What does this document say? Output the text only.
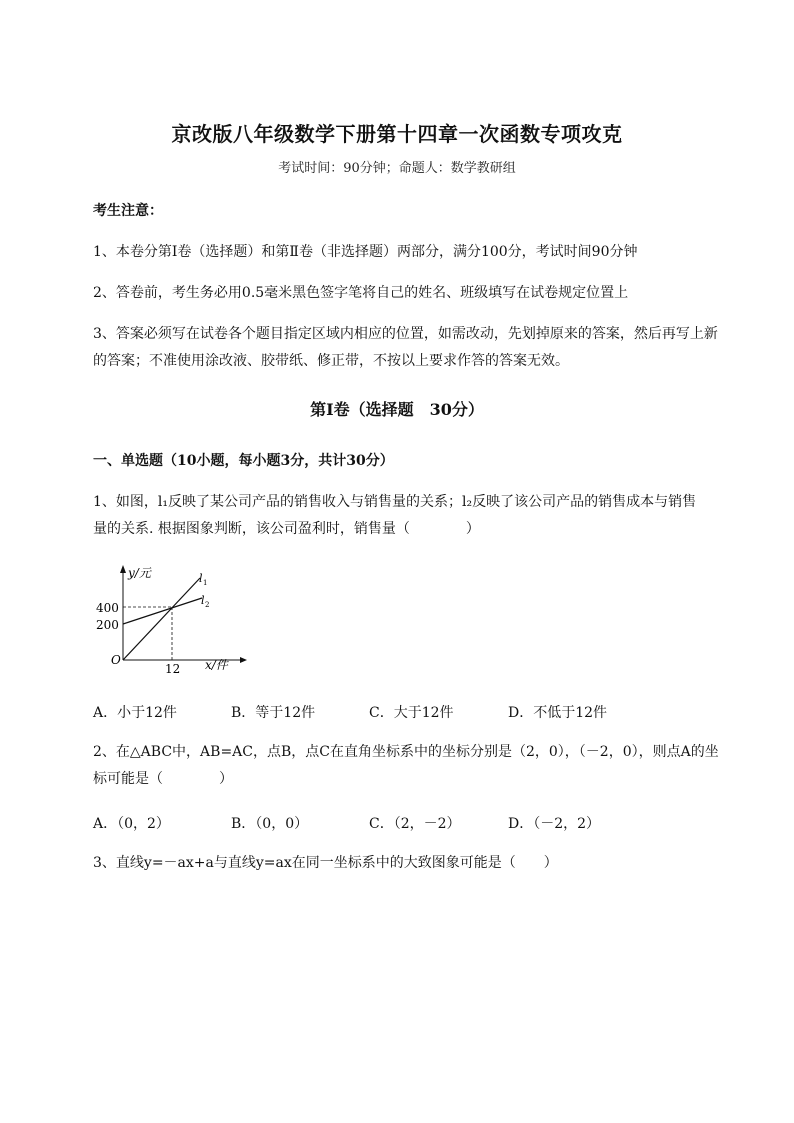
京改版八年级数学下册第十四章一次函数专项攻克
考试时间：90分钟；命题人：数学教研组
考生注意：
1、本卷分第I卷（选择题）和第Ⅱ卷（非选择题）两部分，满分100分，考试时间90分钟
2、答卷前，考生务必用0.5毫米黑色签字笔将自己的姓名、班级填写在试卷规定位置上
3、答案必须写在试卷各个题目指定区域内相应的位置，如需改动，先划掉原来的答案，然后再写上新
的答案；不准使用涂改液、胶带纸、修正带，不按以上要求作答的答案无效。
第I卷（选择题　30分）
一、单选题（10小题，每小题3分，共计30分）
1、如图，l₁反映了某公司产品的销售收入与销售量的关系；l₂反映了该公司产品的销售成本与销售
量的关系. 根据图象判断，该公司盈利时，销售量（　　　　）
y/元
x/件
O
400
200
12
l 1
l 2
A．小于12件	B．等于12件	C．大于12件	D．不低于12件
2、在△ABC中，AB=AC，点B，点C在直角坐标系中的坐标分别是（2，0），（－2，0），则点A的坐
标可能是（　　　　）
A．（0，2）	B．（0，0）	C．（2，－2）	D．（－2，2）
3、直线y=－ax+a与直线y=ax在同一坐标系中的大致图象可能是（　　）
